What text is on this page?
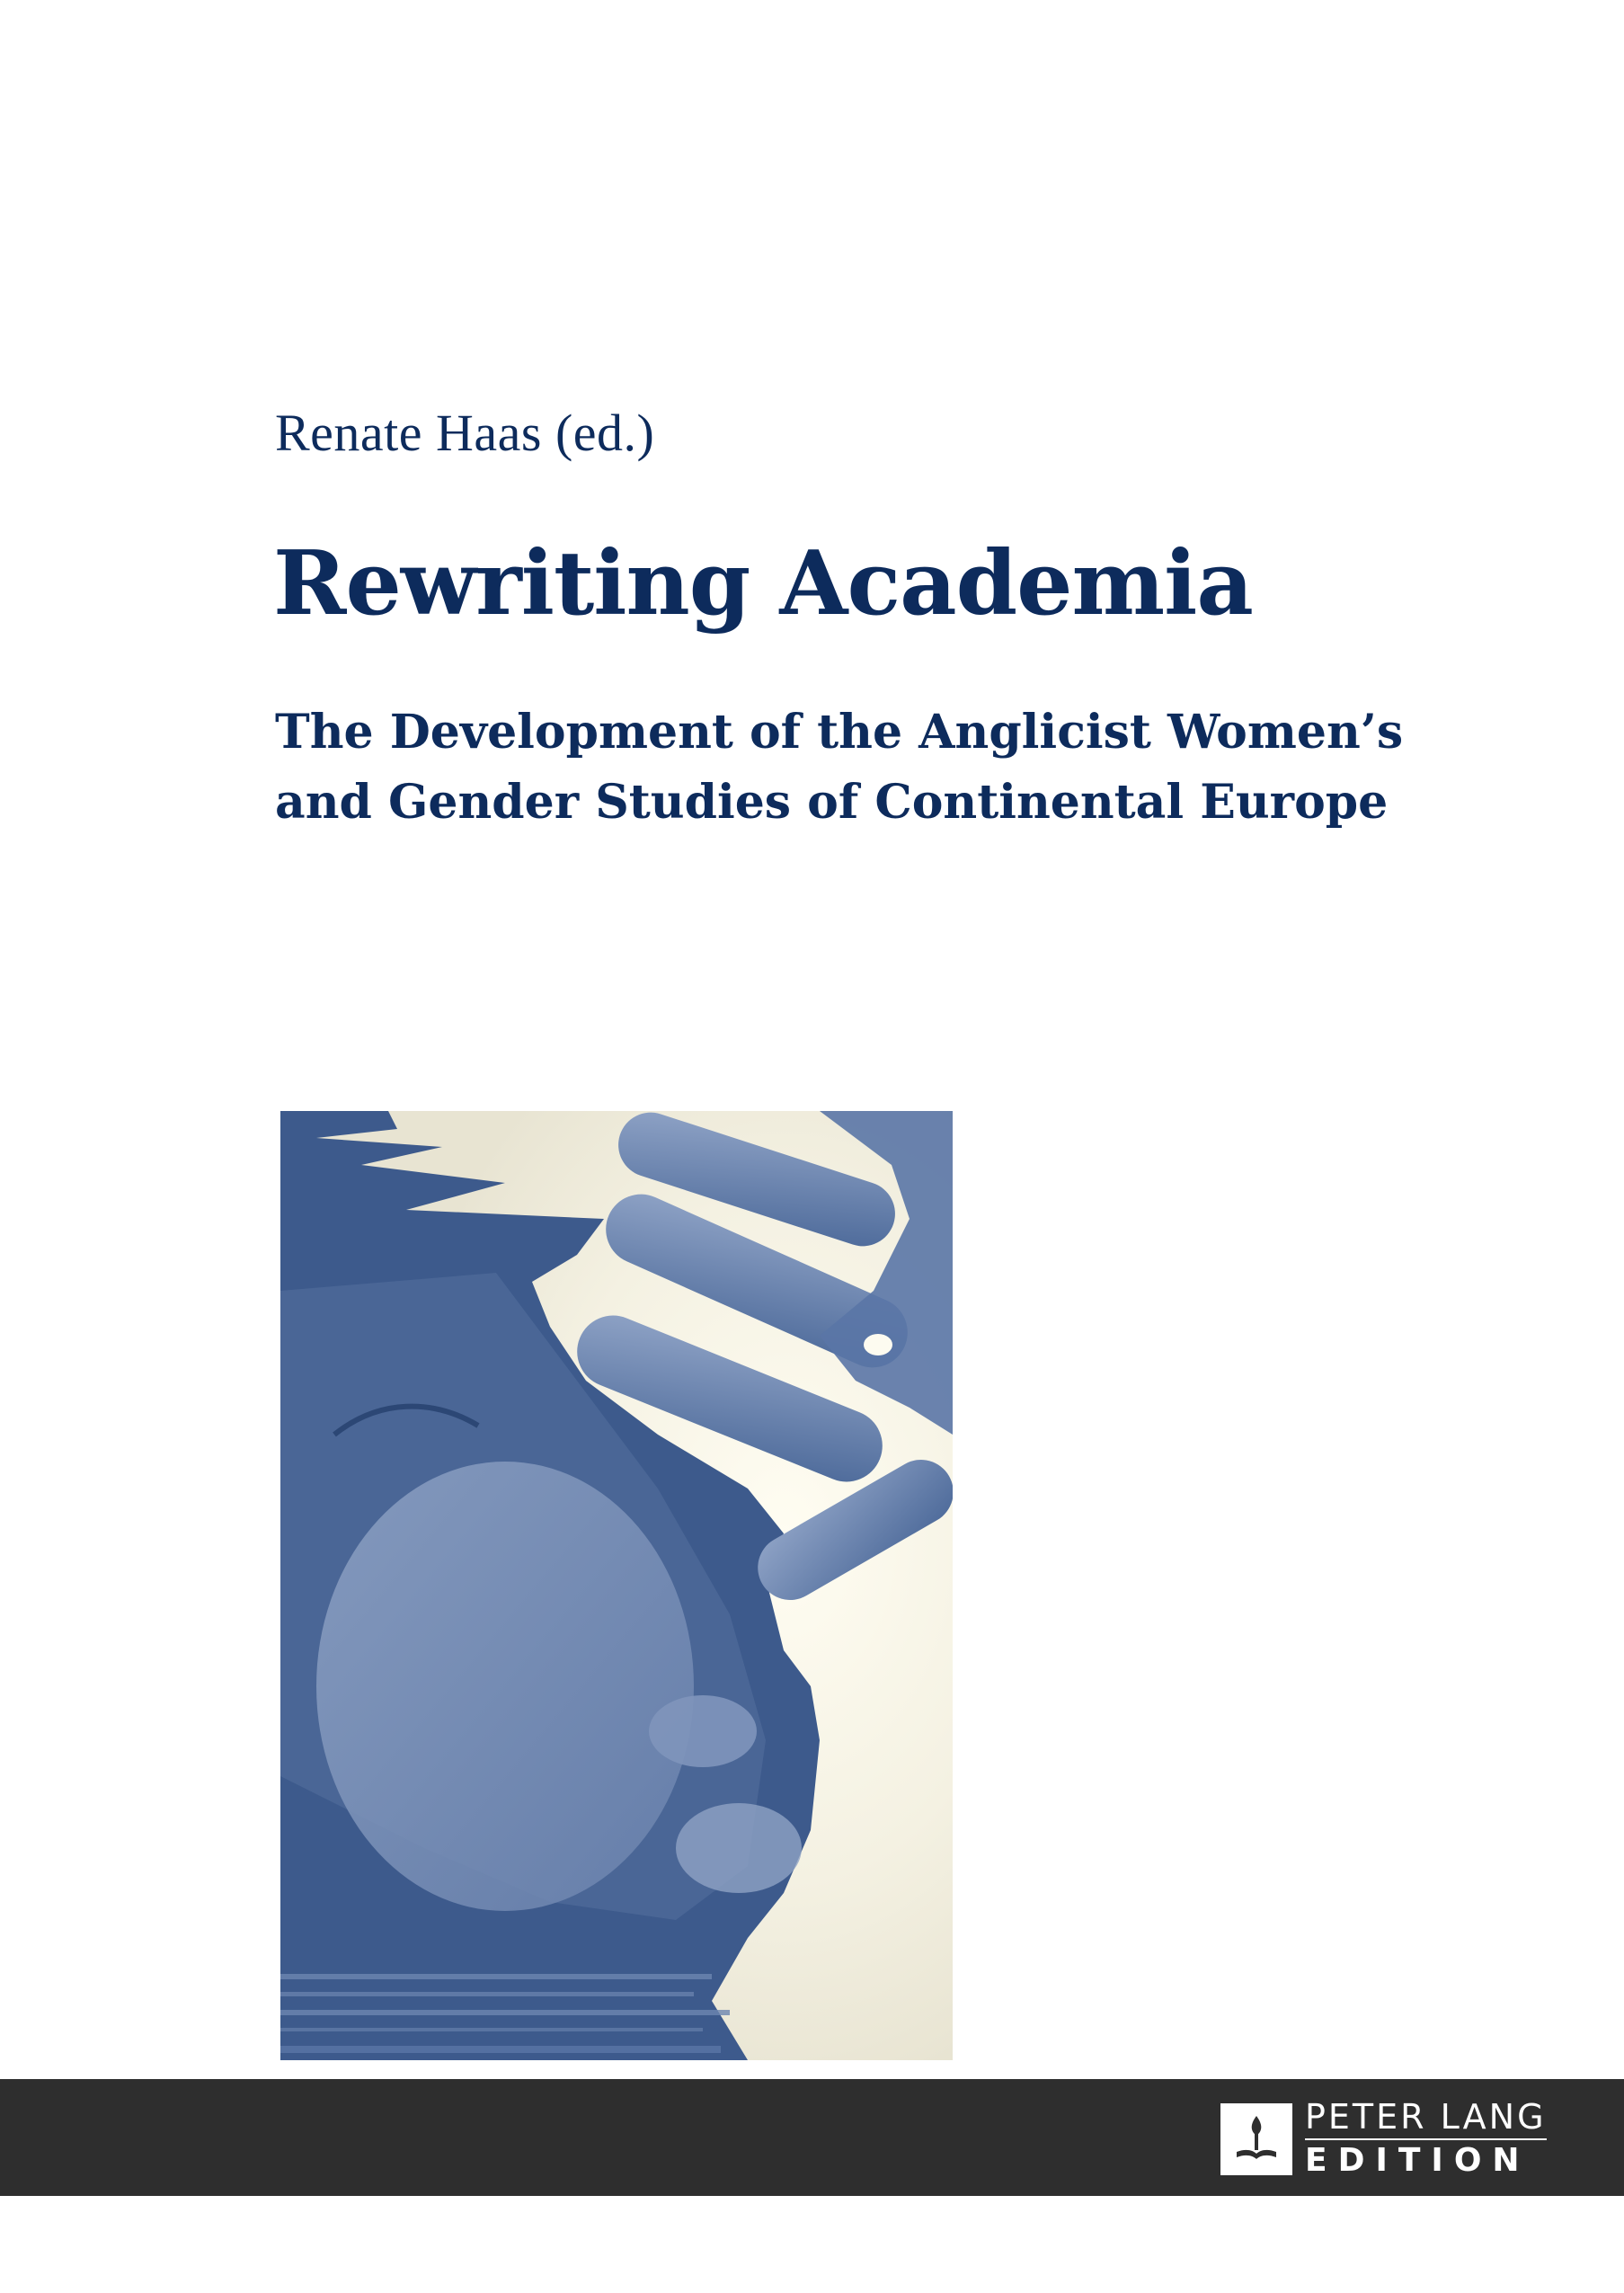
Renate Haas (ed.)
Rewriting Academia
The Development of the Anglicist Women’s
and Gender Studies of Continental Europe
PETER LANG
EDITION
